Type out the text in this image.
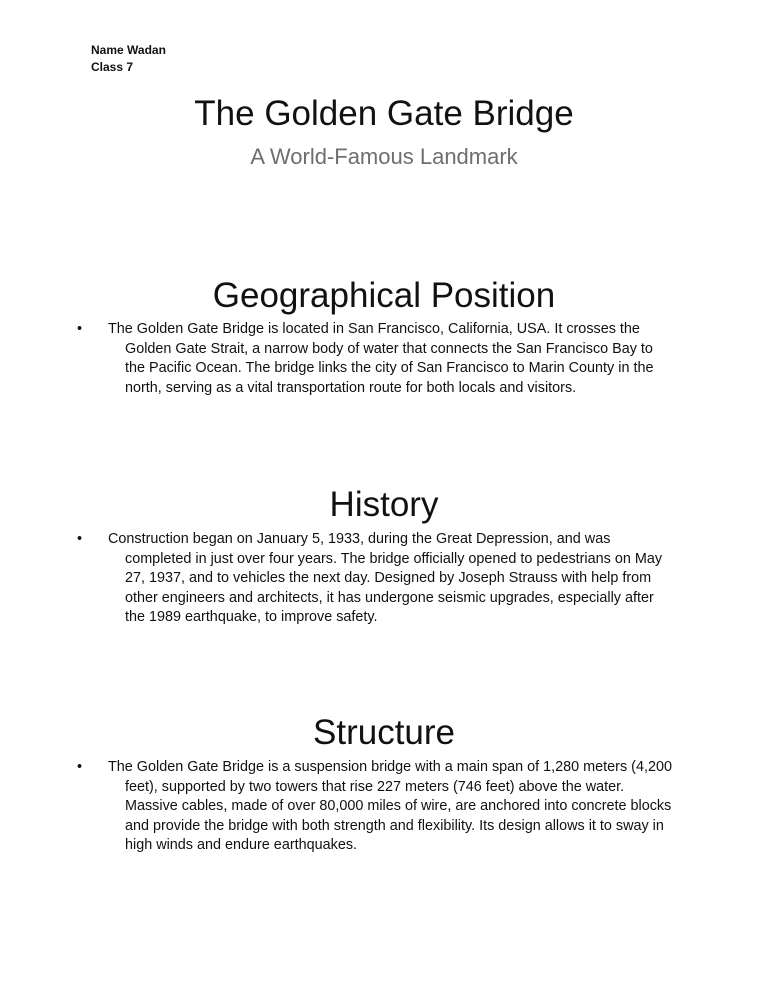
Name Wadan
Class 7
The Golden Gate Bridge
A World-Famous Landmark
Geographical Position

• The Golden Gate Bridge is located in San Francisco, California, USA. It crosses the Golden Gate Strait, a narrow body of water that connects the San Francisco Bay to the Pacific Ocean. The bridge links the city of San Francisco to Marin County in the north, serving as a vital transportation route for both locals and visitors.

History

• Construction began on January 5, 1933, during the Great Depression, and was completed in just over four years. The bridge officially opened to pedestrians on May 27, 1937, and to vehicles the next day. Designed by Joseph Strauss with help from other engineers and architects, it has undergone seismic upgrades, especially after the 1989 earthquake, to improve safety.

Structure

• The Golden Gate Bridge is a suspension bridge with a main span of 1,280 meters (4,200 feet), supported by two towers that rise 227 meters (746 feet) above the water. Massive cables, made of over 80,000 miles of wire, are anchored into concrete blocks and provide the bridge with both strength and flexibility. Its design allows it to sway in high winds and endure earthquakes.
